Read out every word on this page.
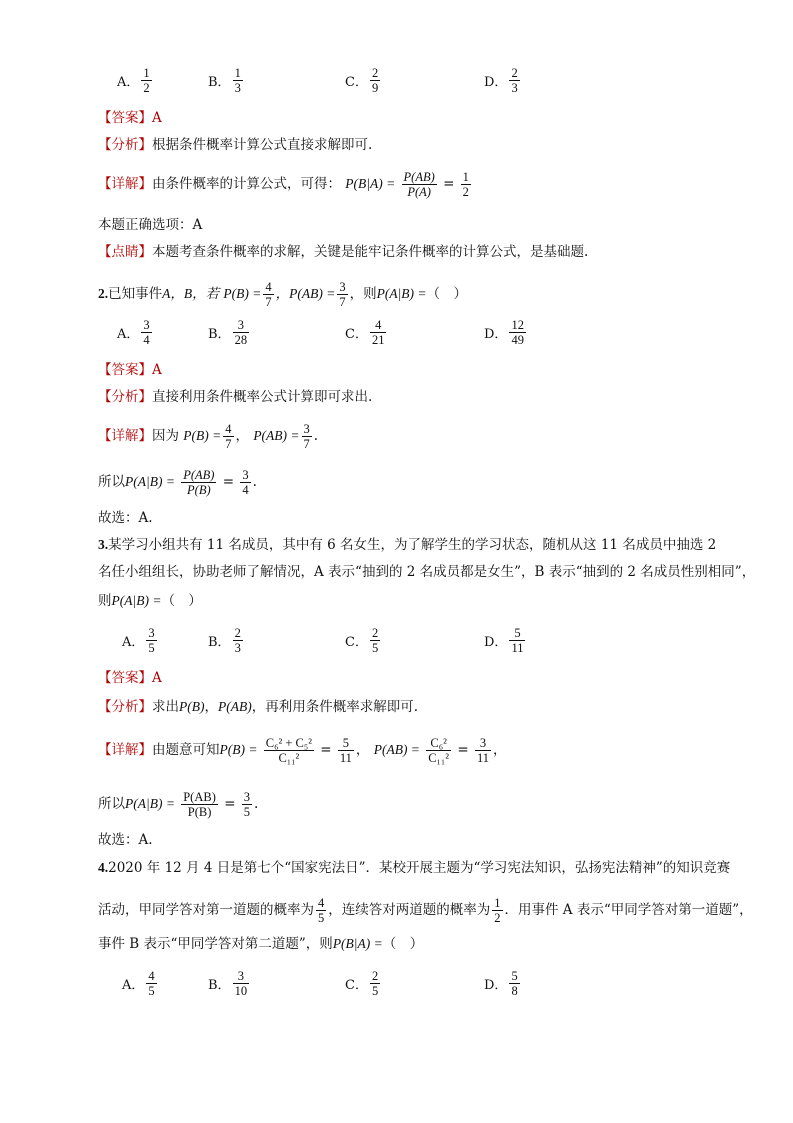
A． $\frac{1}{2}$	B． $\frac{1}{3}$	C． $\frac{2}{9}$	D． $\frac{2}{3}$
【答案】A
【分析】根据条件概率计算公式直接求解即可.
【详解】由条件概率的计算公式，可得： $P(B|A) = \frac{P(AB)}{P(A)} = \frac{1}{2}$
本题正确选项：A
【点睛】本题考查条件概率的求解，关键是能牢记条件概率的计算公式，是基础题.
2.已知事件A，B，若 $P(B) = \frac{4}{7}$ ，$P(AB) = \frac{3}{7}$ ，则P(A|B) =（　）
A． $\frac{3}{4}$	B． $\frac{3}{28}$	C． $\frac{4}{21}$	D． $\frac{12}{49}$
【答案】A
【分析】直接利用条件概率公式计算即可求出.
【详解】因为 $P(B) = \frac{4}{7}$ ， $P(AB) = \frac{3}{7}$ .
所以$P(A|B) = \frac{P(AB)}{P(B)} = \frac{3}{4}$ .
故选：A.
3.某学习小组共有 11 名成员，其中有 6 名女生，为了解学生的学习状态，随机从这 11 名成员中抽选 2
名任小组组长，协助老师了解情况，A 表示“抽到的 2 名成员都是女生”，B 表示“抽到的 2 名成员性别相同”，
则P(A|B) =（　）
A． $\frac{3}{5}$	B． $\frac{2}{3}$	C． $\frac{2}{5}$	D． $\frac{5}{11}$
【答案】A
【分析】求出P(B)，P(AB)，再利用条件概率求解即可.
【详解】由题意可知$P(B) = \frac{\text{C₆² + C₅²}}{\text{C₁₁²}} = \frac{5}{11}$ ， $P(AB) = \frac{\text{C₆²}}{\text{C₁₁²}} = \frac{3}{11}$ ，
所以$P(A|B) = \frac{P(AB)}{P(B)} = \frac{3}{5}$ .
故选：A.
4.2020 年 12 月 4 日是第七个“国家宪法日”．某校开展主题为“学习宪法知识，弘扬宪法精神”的知识竞赛
活动，甲同学答对第一道题的概率为 $\frac{4}{5}$ ，连续答对两道题的概率为 $\frac{1}{2}$ ．用事件 A 表示“甲同学答对第一道题”，
事件 B 表示“甲同学答对第二道题”，则P(B|A) =（　）
A． $\frac{4}{5}$	B． $\frac{3}{10}$	C． $\frac{2}{5}$	D． $\frac{5}{8}$
